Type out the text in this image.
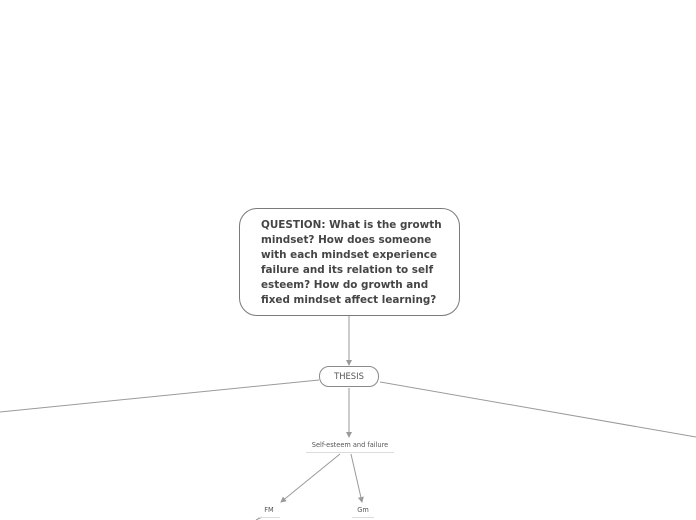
QUESTION: What is the growth mindset? How does someone with each mindset experience failure and its relation to self esteem? How do growth and fixed mindset affect learning?
THESIS
Self-esteem and failure
FM	Gm
